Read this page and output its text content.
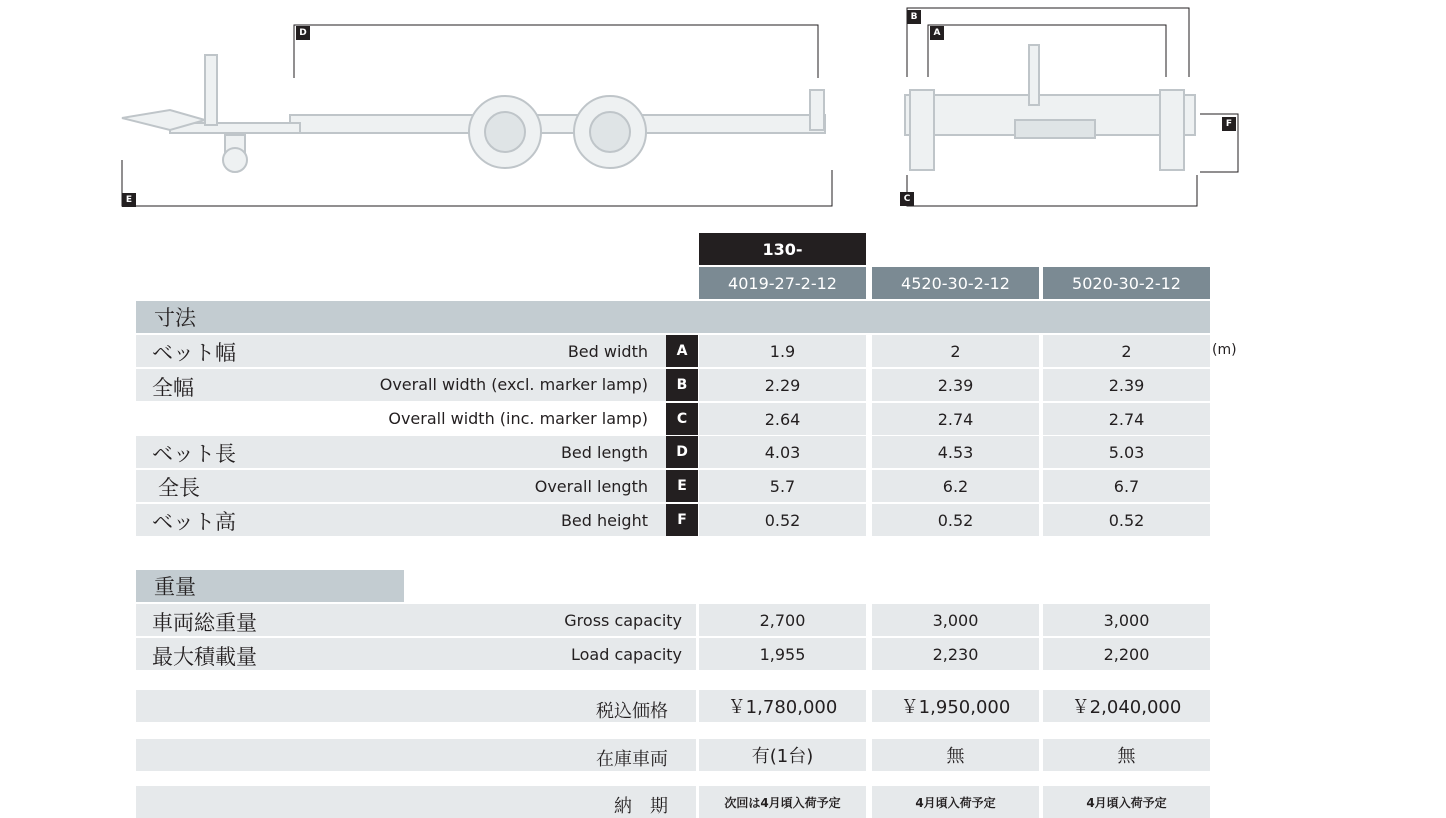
D
E
B
A
C
F
130-
4019-27-2-12	4520-30-2-12	5020-30-2-12
寸法
(m)
ベット幅	Bed width	A	1.9	2	2
全幅	Overall width (excl. marker lamp)	B	2.29	2.39	2.39
Overall width (inc. marker lamp)	C	2.64	2.74	2.74
ベット長	Bed length	D	4.03	4.53	5.03
全長	Overall length	E	5.7	6.2	6.7
ベット高	Bed height	F	0.52	0.52	0.52
重量
車両総重量	Gross capacity	2,700	3,000	3,000
最大積載量	Load capacity	1,955	2,230	2,200
税込価格	￥1,780,000	￥1,950,000	￥2,040,000
在庫車両	有(1台)	無	無
納　期	次回は4月頃入荷予定	4月頃入荷予定	4月頃入荷予定
